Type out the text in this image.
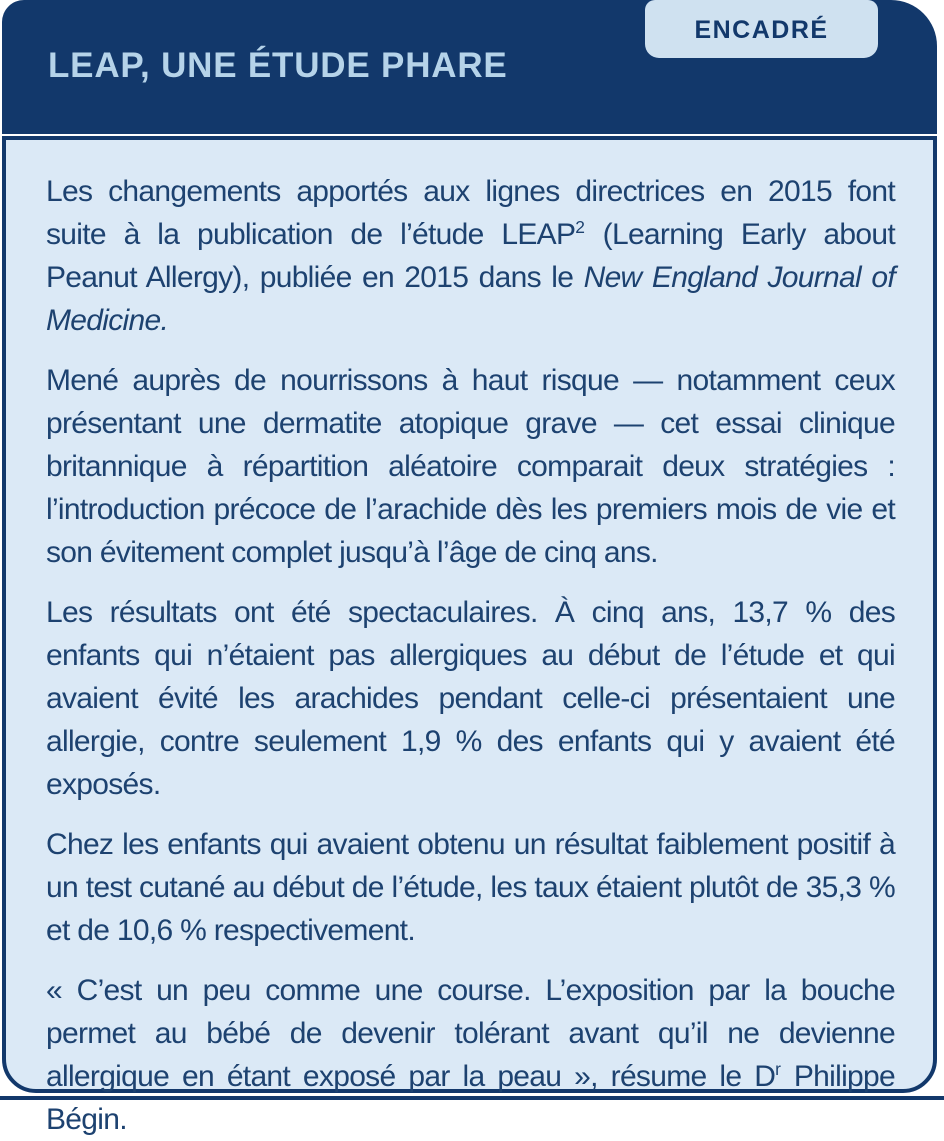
LEAP, UNE ÉTUDE PHARE
ENCADRÉ

Les changements apportés aux lignes directrices en 2015 font suite à la publication de l’étude LEAP$^2$ (Learning Early about Peanut Allergy), publiée en 2015 dans le New England Journal of Medicine.

Mené auprès de nourrissons à haut risque — notamment ceux présentant une dermatite atopique grave — cet essai clinique britannique à répartition aléatoire comparait deux stratégies : l’introduction précoce de l’arachide dès les premiers mois de vie et son évitement complet jusqu’à l’âge de cinq ans.

Les résultats ont été spectaculaires. À cinq ans, 13,7 % des enfants qui n’étaient pas allergiques au début de l’étude et qui avaient évité les arachides pendant celle-ci présentaient une allergie, contre seulement 1,9 % des enfants qui y avaient été exposés.

Chez les enfants qui avaient obtenu un résultat faiblement positif à un test cutané au début de l’étude, les taux étaient plutôt de 35,3 % et de 10,6 % respectivement.

« C’est un peu comme une course. L’exposition par la bouche permet au bébé de devenir tolérant avant qu’il ne devienne allergique en étant exposé par la peau », résume le $D^r$ Philippe Bégin.
